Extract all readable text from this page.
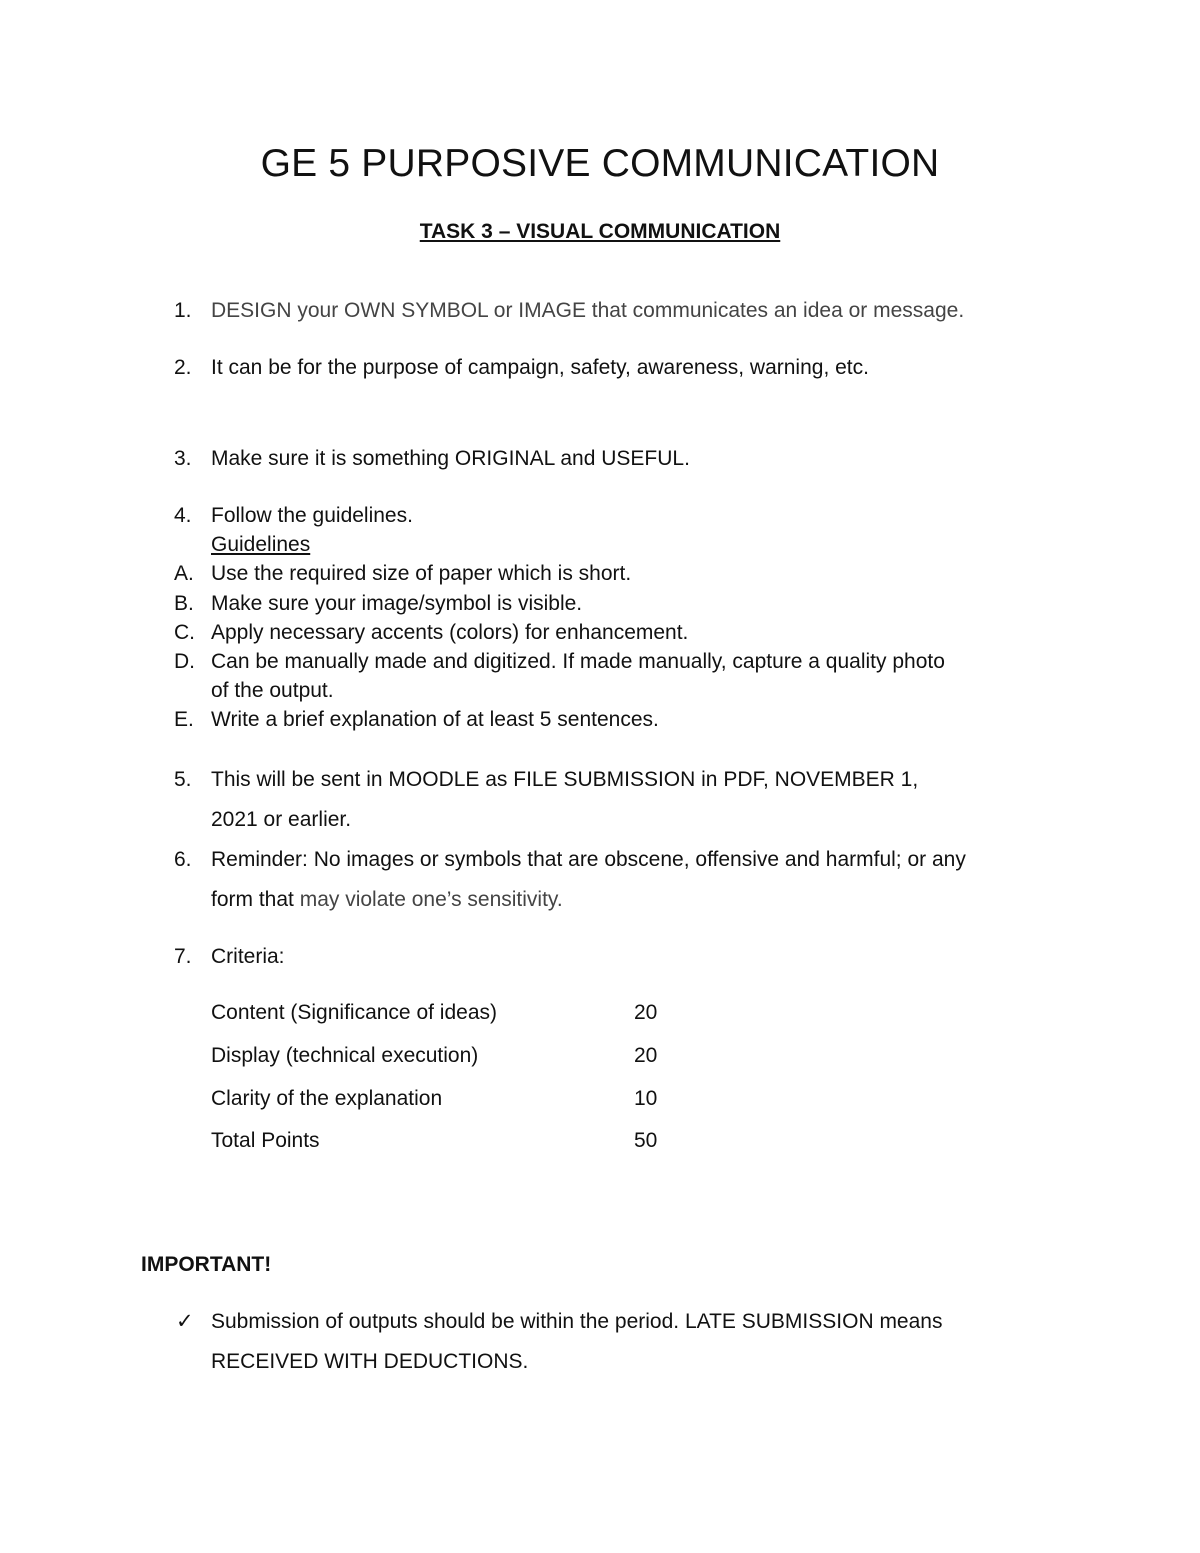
GE 5 PURPOSIVE COMMUNICATION
TASK 3 – VISUAL COMMUNICATION
1. DESIGN your OWN SYMBOL or IMAGE that communicates an idea or message.
2. It can be for the purpose of campaign, safety, awareness, warning, etc.
3. Make sure it is something ORIGINAL and USEFUL.
4. Follow the guidelines.
Guidelines
A. Use the required size of paper which is short.
B. Make sure your image/symbol is visible.
C. Apply necessary accents (colors) for enhancement.
D. Can be manually made and digitized. If made manually, capture a quality photo
of the output.
E. Write a brief explanation of at least 5 sentences.
5. This will be sent in MOODLE as FILE SUBMISSION in PDF, NOVEMBER 1,
2021 or earlier.
6. Reminder: No images or symbols that are obscene, offensive and harmful; or any
form that may violate one’s sensitivity.
7. Criteria:
Content (Significance of ideas)	20
Display (technical execution)	20
Clarity of the explanation	10
Total Points	50
IMPORTANT!
✓ Submission of outputs should be within the period. LATE SUBMISSION means
RECEIVED WITH DEDUCTIONS.
